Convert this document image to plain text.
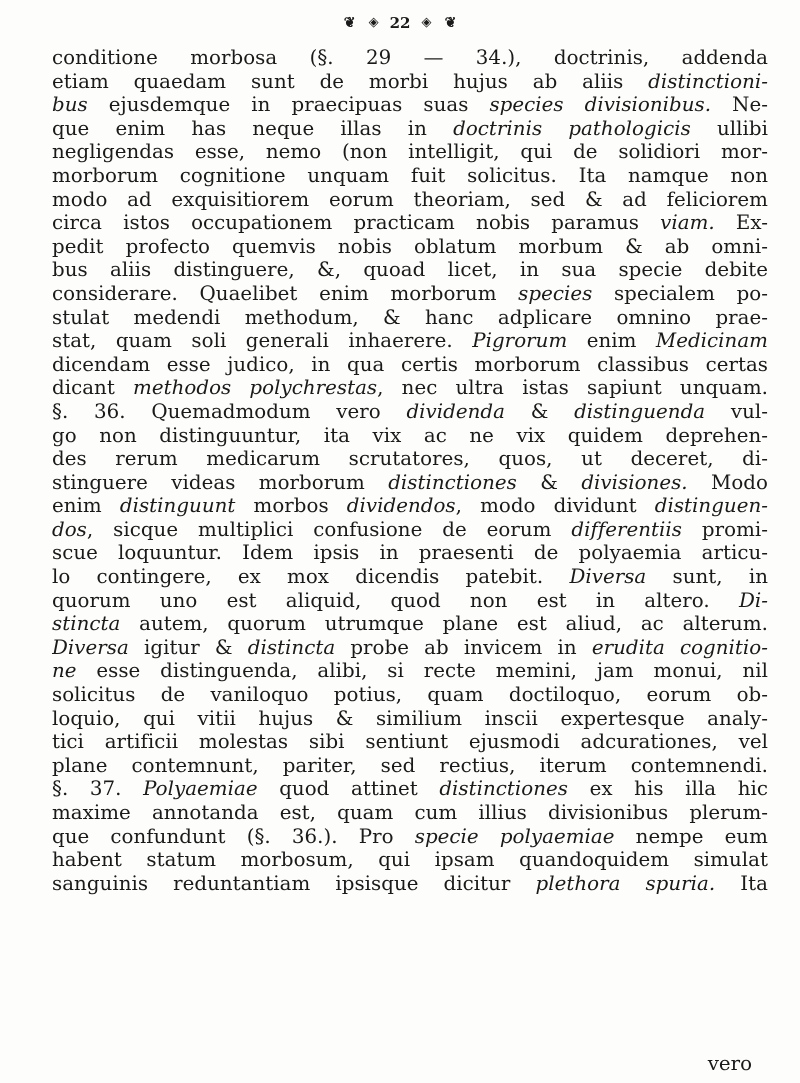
❦ ◈ 22 ◈ ❦
conditione morbosa (§. 29 — 34.), doctrinis, addenda
etiam quaedam sunt de morbi hujus ab aliis distinctioni-
bus ejusdemque in praecipuas suas species divisionibus. Ne-
que enim has neque illas in doctrinis pathologicis ullibi
negligendas esse, nemo (non intelligit, qui de solidiori mor-
morborum cognitione unquam fuit solicitus. Ita namque non
modo ad exquisitiorem eorum theoriam, sed & ad feliciorem
circa istos occupationem practicam nobis paramus viam. Ex-
pedit profecto quemvis nobis oblatum morbum & ab omni-
bus aliis distinguere, &, quoad licet, in sua specie debite
considerare. Quaelibet enim morborum species specialem po-
stulat medendi methodum, & hanc adplicare omnino prae-
stat, quam soli generali inhaerere. Pigrorum enim Medicinam
dicendam esse judico, in qua certis morborum classibus certas
dicant methodos polychrestas, nec ultra istas sapiunt unquam.
§. 36. Quemadmodum vero dividenda & distinguenda vul-
go non distinguuntur, ita vix ac ne vix quidem deprehen-
des rerum medicarum scrutatores, quos, ut deceret, di-
stinguere videas morborum distinctiones & divisiones. Modo
enim distinguunt morbos dividendos, modo dividunt distinguen-
dos, sicque multiplici confusione de eorum differentiis promi-
scue loquuntur. Idem ipsis in praesenti de polyaemia articu-
lo contingere, ex mox dicendis patebit. Diversa sunt, in
quorum uno est aliquid, quod non est in altero. Di-
stincta autem, quorum utrumque plane est aliud, ac alterum.
Diversa igitur & distincta probe ab invicem in erudita cognitio-
ne esse distinguenda, alibi, si recte memini, jam monui, nil
solicitus de vaniloquo potius, quam doctiloquo, eorum ob-
loquio, qui vitii hujus & similium inscii expertesque analy-
tici artificii molestas sibi sentiunt ejusmodi adcurationes, vel
plane contemnunt, pariter, sed rectius, iterum contemnendi.
§. 37. Polyaemiae quod attinet distinctiones ex his illa hic
maxime annotanda est, quam cum illius divisionibus plerum-
que confundunt (§. 36.). Pro specie polyaemiae nempe eum
habent statum morbosum, qui ipsam quandoquidem simulat
sanguinis reduntantiam ipsisque dicitur plethora spuria. Ita
vero
